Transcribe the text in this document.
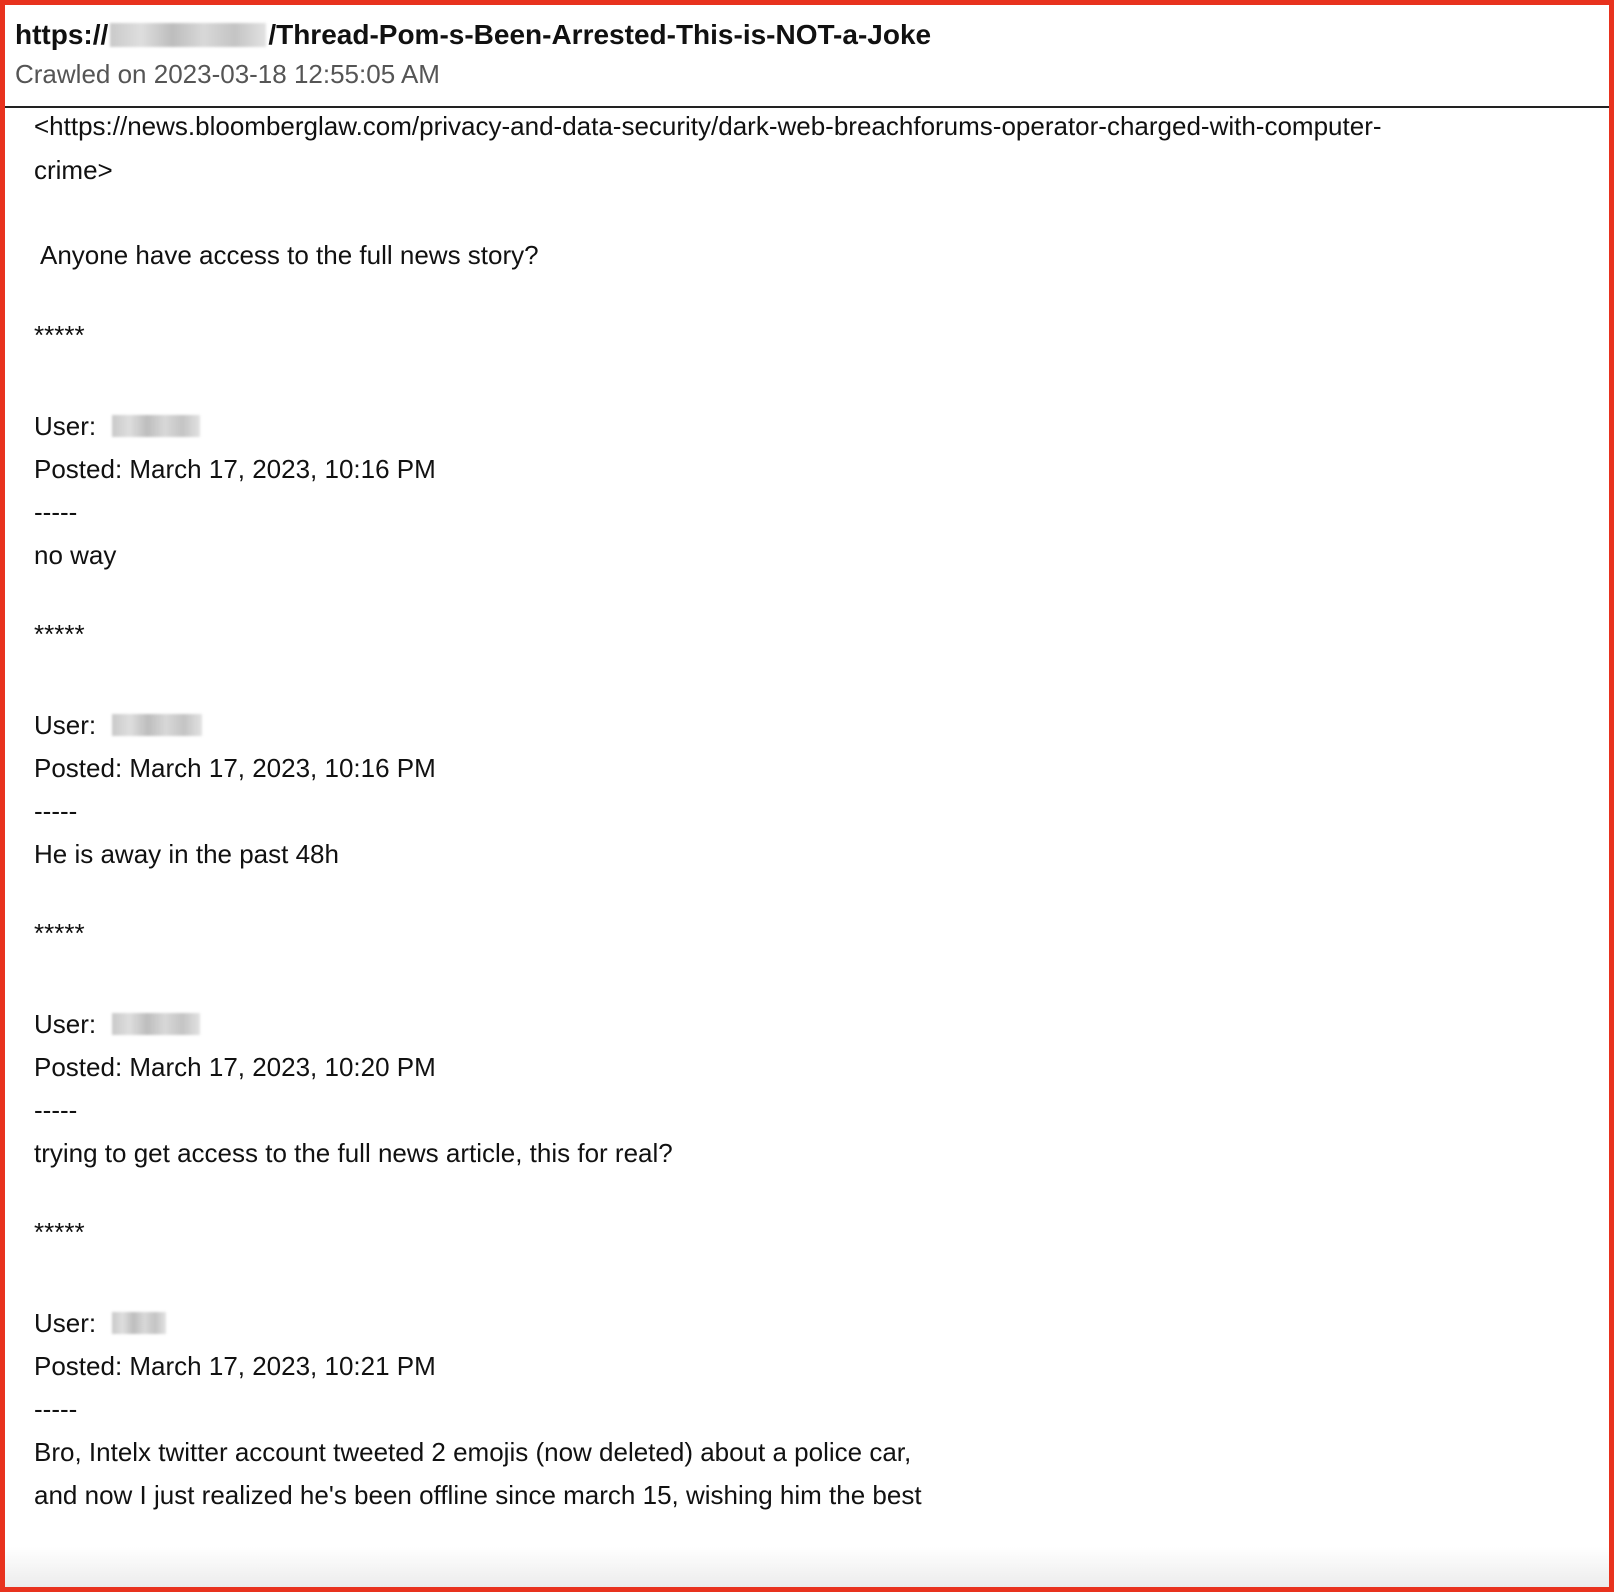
https://	/Thread-Pom-s-Been-Arrested-This-is-NOT-a-Joke
Crawled on 2023-03-18 12:55:05 AM
<https://news.bloomberglaw.com/privacy-and-data-security/dark-web-breachforums-operator-charged-with-computer-
crime>
Anyone have access to the full news story?
*****
User:
Posted: March 17, 2023, 10:16 PM
-----
no way
*****
User:
Posted: March 17, 2023, 10:16 PM
-----
He is away in the past 48h
*****
User:
Posted: March 17, 2023, 10:20 PM
-----
trying to get access to the full news article, this for real?
*****
User:
Posted: March 17, 2023, 10:21 PM
-----
Bro, Intelx twitter account tweeted 2 emojis (now deleted) about a police car,
and now I just realized he's been offline since march 15, wishing him the best
